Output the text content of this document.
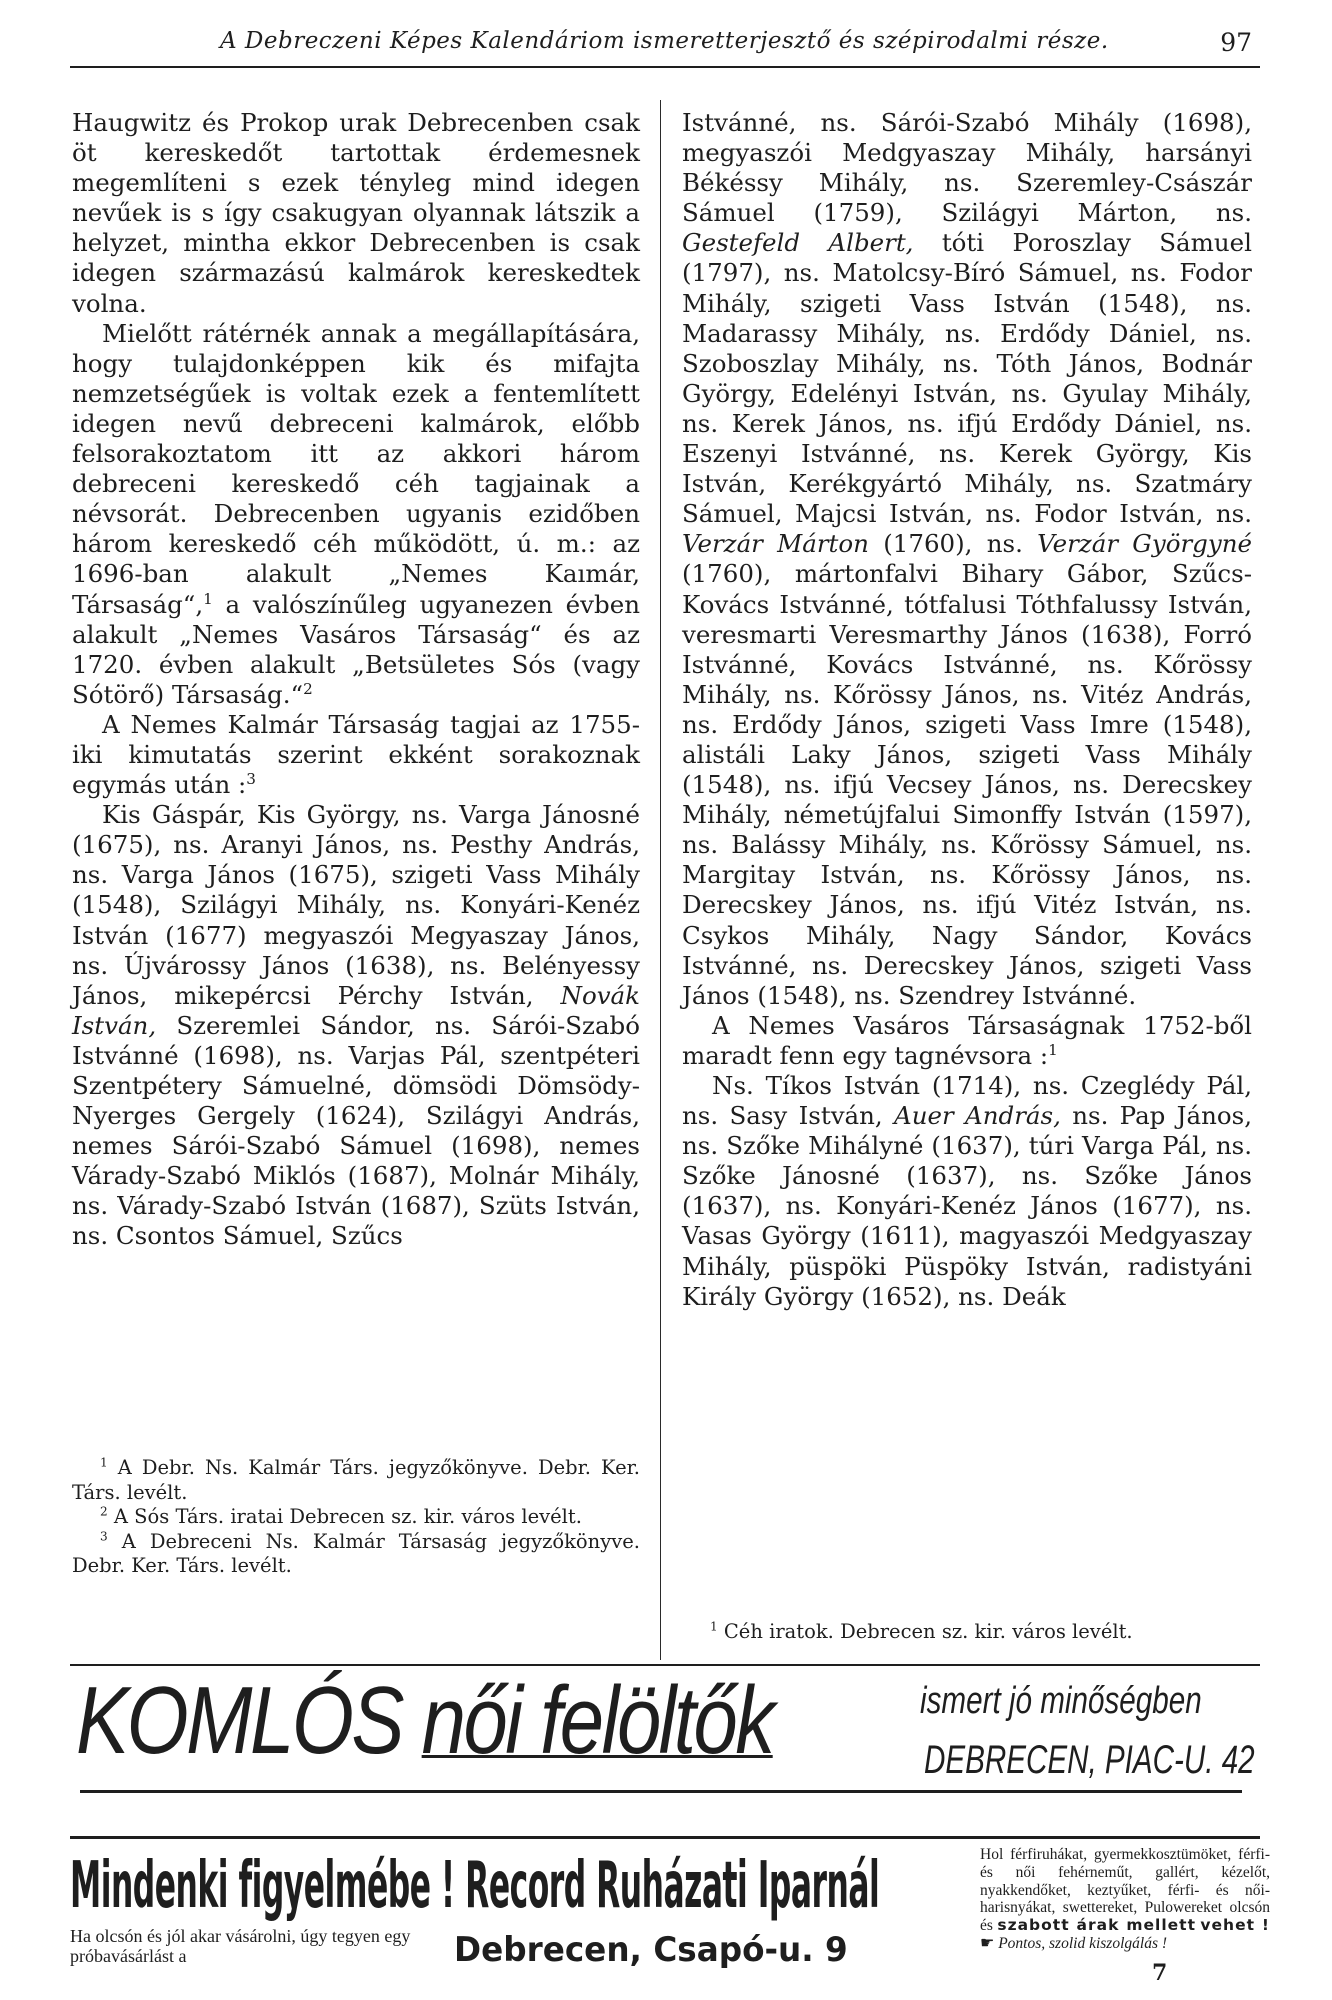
A Debreczeni Képes Kalendáriom ismeretterjesztő és szépirodalmi része.	97

Haugwitz és Prokop urak Debrecenben csak öt kereskedőt tartottak érdemesnek megemlíteni s ezek tényleg mind idegen nevűek is s így csakugyan olyannak látszik a helyzet, mintha ekkor Debrecenben is csak idegen származású kalmárok kereskedtek volna.

Mielőtt rátérnék annak a megállapítására, hogy tulajdonképpen kik és mifajta nemzetségűek is voltak ezek a fentemlített idegen nevű debreceni kalmárok, előbb felsorakoztatom itt az akkori három debreceni kereskedő céh tagjainak a névsorát. Debrecenben ugyanis ezidőben három kereskedő céh működött, ú. m.: az 1696-ban alakult „Nemes Kaımár, Társaság“,$^1$ a valószínűleg ugyanezen évben alakult „Nemes Vasáros Társaság“ és az 1720. évben alakult „Betsületes Sós (vagy Sótörő) Társaság.“$^2$

A Nemes Kalmár Társaság tagjai az 1755-iki kimutatás szerint ekként sorakoznak egymás után :$^3$

Kis Gáspár, Kis György, ns. Varga Jánosné (1675), ns. Aranyi János, ns. Pesthy András, ns. Varga János (1675), szigeti Vass Mihály (1548), Szilágyi Mihály, ns. Konyári-Kenéz István (1677) megyaszói Megyaszay János, ns. Újvárossy János (1638), ns. Belényessy János, mikepércsi Pérchy István, Novák István, Szeremlei Sándor, ns. Sárói-Szabó Istvánné (1698), ns. Varjas Pál, szentpéteri Szentpétery Sámuelné, dömsödi Dömsödy-Nyerges Gergely (1624), Szilágyi András, nemes Sárói-Szabó Sámuel (1698), nemes Várady-Szabó Miklós (1687), Molnár Mihály, ns. Várady-Szabó István (1687), Szüts István, ns. Csontos Sámuel, Szűcs

$^1$ A Debr. Ns. Kalmár Társ. jegyzőkönyve. Debr. Ker. Társ. levélt.

$^2$ A Sós Társ. iratai Debrecen sz. kir. város levélt.

$^3$ A Debreceni Ns. Kalmár Társaság jegyzőkönyve. Debr. Ker. Társ. levélt.

Istvánné, ns. Sárói-Szabó Mihály (1698), megyaszói Medgyaszay Mihály, harsányi Békéssy Mihály, ns. Szeremley-Császár Sámuel (1759), Szilágyi Márton, ns. Gestefeld Albert, tóti Poroszlay Sámuel (1797), ns. Matolcsy-Bíró Sámuel, ns. Fodor Mihály, szigeti Vass István (1548), ns. Madarassy Mihály, ns. Erdődy Dániel, ns. Szoboszlay Mihály, ns. Tóth János, Bodnár György, Edelényi István, ns. Gyulay Mihály, ns. Kerek János, ns. ifjú Erdődy Dániel, ns. Eszenyi Istvánné, ns. Kerek György, Kis István, Kerékgyártó Mihály, ns. Szatmáry Sámuel, Majcsi István, ns. Fodor István, ns. Verzár Márton (1760), ns. Verzár Györgyné (1760), mártonfalvi Bihary Gábor, Szűcs-Kovács Istvánné, tótfalusi Tóthfalussy István, veresmarti Veresmarthy János (1638), Forró Istvánné, Kovács Istvánné, ns. Kőrössy Mihály, ns. Kőrössy János, ns. Vitéz András, ns. Erdődy János, szigeti Vass Imre (1548), alistáli Laky János, szigeti Vass Mihály (1548), ns. ifjú Vecsey János, ns. Derecskey Mihály, németújfalui Simonffy István (1597), ns. Balássy Mihály, ns. Kőrössy Sámuel, ns. Margitay István, ns. Kőrössy János, ns. Derecskey János, ns. ifjú Vitéz István, ns. Csykos Mihály, Nagy Sándor, Kovács Istvánné, ns. Derecskey János, szigeti Vass János (1548), ns. Szendrey Istvánné.

A Nemes Vasáros Társaságnak 1752-ből maradt fenn egy tagnévsora :$^1$

Ns. Tíkos István (1714), ns. Czeglédy Pál, ns. Sasy István, Auer András, ns. Pap János, ns. Szőke Mihályné (1637), túri Varga Pál, ns. Szőke Jánosné (1637), ns. Szőke János (1637), ns. Konyári-Kenéz János (1677), ns. Vasas György (1611), magyaszói Medgyaszay Mihály, püspöki Püspöky István, radistyáni Király György (1652), ns. Deák

$^1$ Céh iratok. Debrecen sz. kir. város levélt.

KOMLÓS női felöltők	ismert jó minőségben
DEBRECEN, PIAC-U. 42
Mindenki figyelmébe ! Record Ruházati Iparnál
Ha olcsón és jól akar vásárolni, úgy tegyen egy próbavásárlást a	Debrecen, Csapó-u. 9
Hol férfiruhákat, gyermekkosztümöket, férfi- és női fehérneműt, gallért, kézelőt, nyakkendőket, keztyűket, férfi- és női-harisnyákat, swettereket, Pulowereket olcsón és szabott árak mellett vehet ! ☛ Pontos, szolid kiszolgálás !
7
